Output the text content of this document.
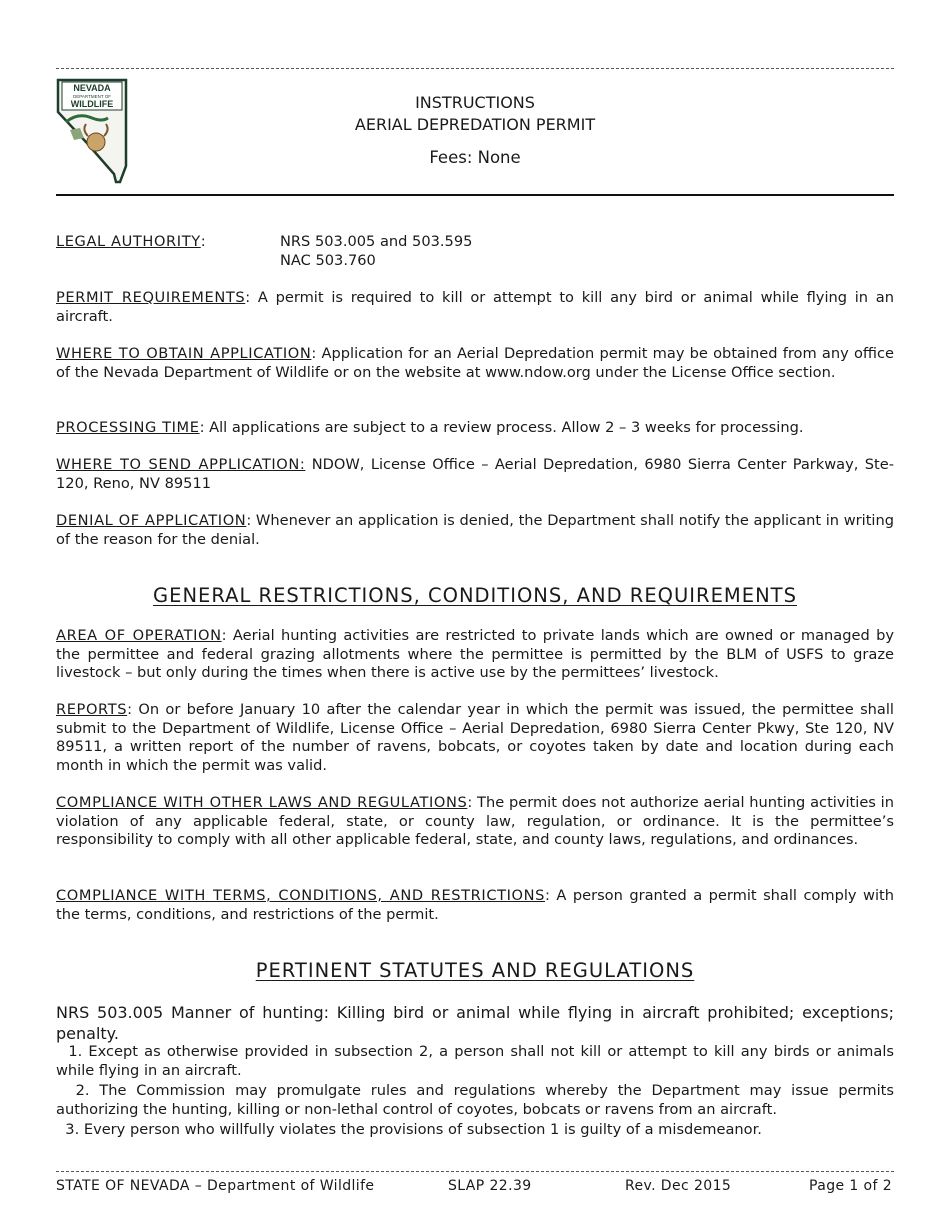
NEVADA
DEPARTMENT OF
WILDLIFE	INSTRUCTIONS
AERIAL DEPREDATION PERMIT
Fees: None
LEGAL AUTHORITY:	NRS 503.005 and 503.595
NAC 503.760
PERMIT REQUIREMENTS: A permit is required to kill or attempt to kill any bird or animal while flying in an aircraft.
WHERE TO OBTAIN APPLICATION: Application for an Aerial Depredation permit may be obtained from any office of the Nevada Department of Wildlife or on the website at www.ndow.org under the License Office section.
PROCESSING TIME: All applications are subject to a review process. Allow 2 – 3 weeks for processing.
WHERE TO SEND APPLICATION: NDOW, License Office – Aerial Depredation, 6980 Sierra Center Parkway, Ste-120, Reno, NV 89511
DENIAL OF APPLICATION: Whenever an application is denied, the Department shall notify the applicant in writing of the reason for the denial.
GENERAL RESTRICTIONS, CONDITIONS, AND REQUIREMENTS
AREA OF OPERATION: Aerial hunting activities are restricted to private lands which are owned or managed by the permittee and federal grazing allotments where the permittee is permitted by the BLM of USFS to graze livestock – but only during the times when there is active use by the permittees’ livestock.
REPORTS: On or before January 10 after the calendar year in which the permit was issued, the permittee shall submit to the Department of Wildlife, License Office – Aerial Depredation, 6980 Sierra Center Pkwy, Ste 120, NV 89511, a written report of the number of ravens, bobcats, or coyotes taken by date and location during each month in which the permit was valid.
COMPLIANCE WITH OTHER LAWS AND REGULATIONS: The permit does not authorize aerial hunting activities in violation of any applicable federal, state, or county law, regulation, or ordinance. It is the permittee’s responsibility to comply with all other applicable federal, state, and county laws, regulations, and ordinances.
COMPLIANCE WITH TERMS, CONDITIONS, AND RESTRICTIONS: A person granted a permit shall comply with the terms, conditions, and restrictions of the permit.
PERTINENT STATUTES AND REGULATIONS
NRS 503.005 Manner of hunting: Killing bird or animal while flying in aircraft prohibited; exceptions; penalty.
1. Except as otherwise provided in subsection 2, a person shall not kill or attempt to kill any birds or animals while flying in an aircraft.
2. The Commission may promulgate rules and regulations whereby the Department may issue permits authorizing the hunting, killing or non-lethal control of coyotes, bobcats or ravens from an aircraft.
3. Every person who willfully violates the provisions of subsection 1 is guilty of a misdemeanor.
STATE OF NEVADA – Department of Wildlife	SLAP 22.39	Rev. Dec 2015	Page 1 of 2
